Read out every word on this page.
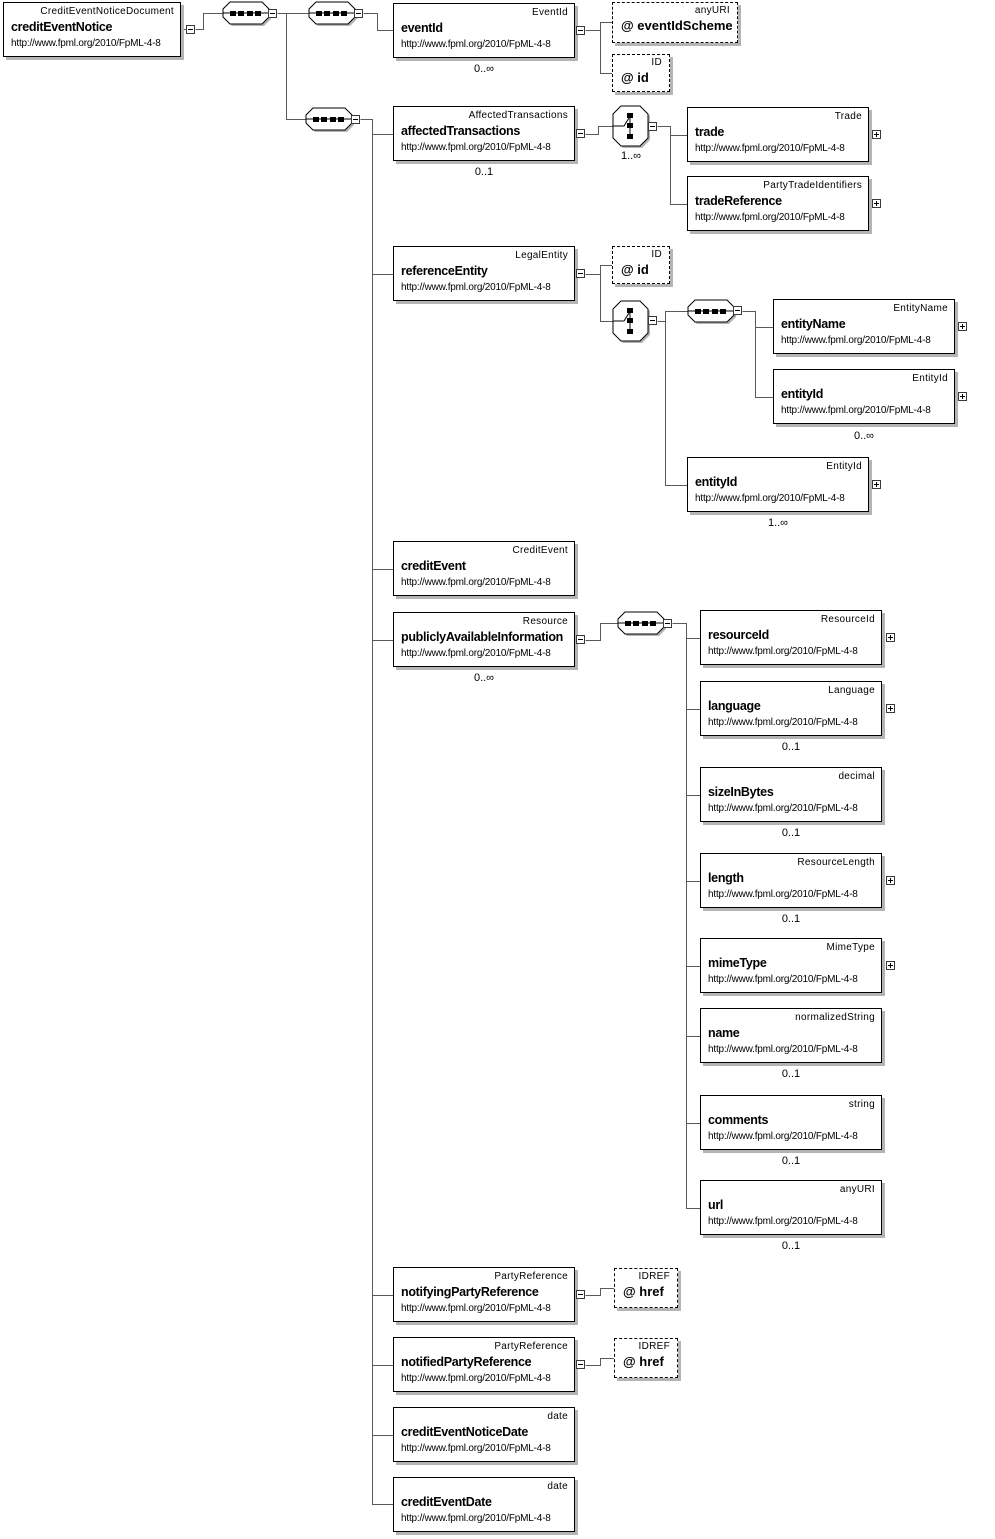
CreditEventNoticeDocument
creditEventNotice
http://www.fpml.org/2010/FpML-4-8
EventId
eventId
http://www.fpml.org/2010/FpML-4-8
0..∞
AffectedTransactions
affectedTransactions
http://www.fpml.org/2010/FpML-4-8
0..1
1..∞
LegalEntity
referenceEntity
http://www.fpml.org/2010/FpML-4-8
CreditEvent
creditEvent
http://www.fpml.org/2010/FpML-4-8
Resource
publiclyAvailableInformation
http://www.fpml.org/2010/FpML-4-8
0..∞
PartyReference
notifyingPartyReference
http://www.fpml.org/2010/FpML-4-8
PartyReference
notifiedPartyReference
http://www.fpml.org/2010/FpML-4-8
date
creditEventNoticeDate
http://www.fpml.org/2010/FpML-4-8
date
creditEventDate
http://www.fpml.org/2010/FpML-4-8
Trade
trade
http://www.fpml.org/2010/FpML-4-8
PartyTradeIdentifiers
tradeReference
http://www.fpml.org/2010/FpML-4-8
EntityName
entityName
http://www.fpml.org/2010/FpML-4-8
EntityId
entityId
http://www.fpml.org/2010/FpML-4-8
0..∞
EntityId
entityId
http://www.fpml.org/2010/FpML-4-8
1..∞
ResourceId
resourceId
http://www.fpml.org/2010/FpML-4-8
Language
language
http://www.fpml.org/2010/FpML-4-8
0..1
decimal
sizeInBytes
http://www.fpml.org/2010/FpML-4-8
0..1
ResourceLength
length
http://www.fpml.org/2010/FpML-4-8
0..1
MimeType
mimeType
http://www.fpml.org/2010/FpML-4-8
normalizedString
name
http://www.fpml.org/2010/FpML-4-8
0..1
string
comments
http://www.fpml.org/2010/FpML-4-8
0..1
anyURI
url
http://www.fpml.org/2010/FpML-4-8
0..1
anyURI
@ eventIdScheme
ID
@ id
ID
@ id
IDREF
@ href
IDREF
@ href
